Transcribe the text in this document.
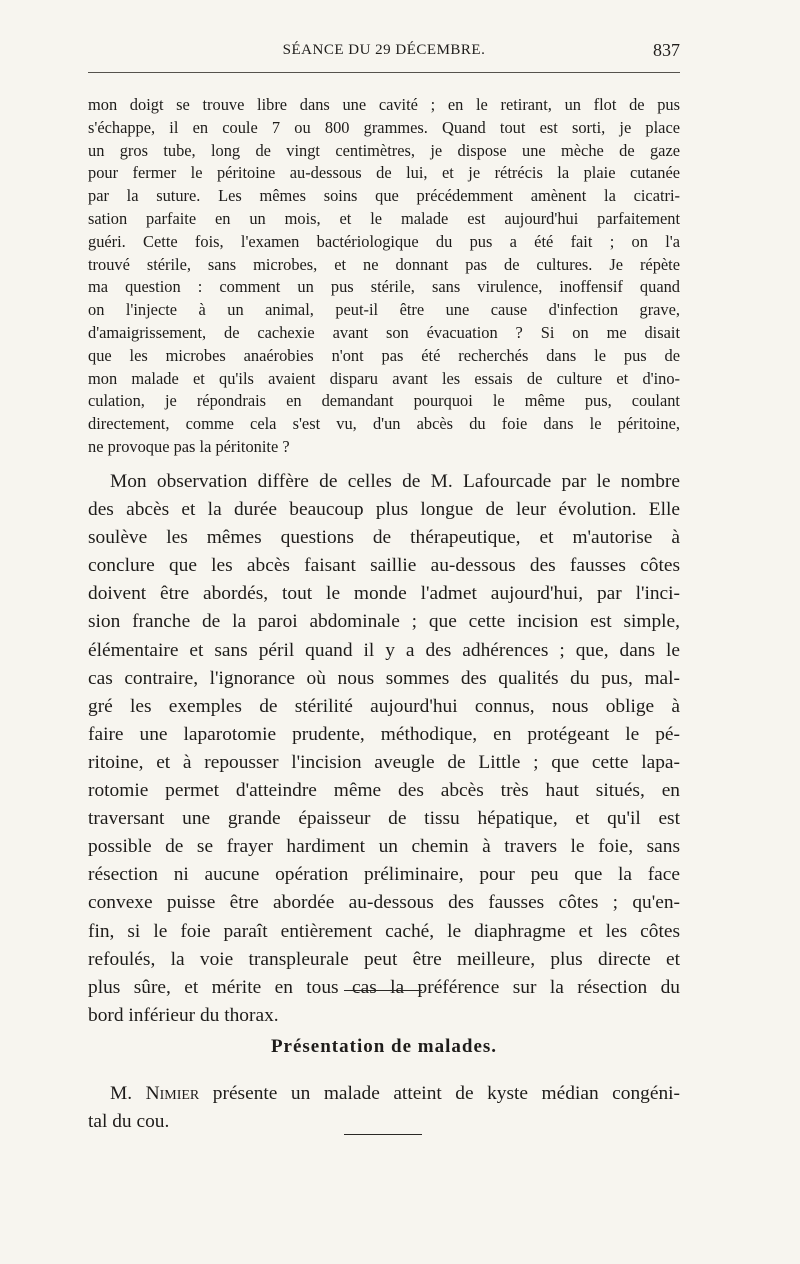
SÉANCE DU 29 DÉCEMBRE.	837
mon doigt se trouve libre dans une cavité ; en le retirant, un flot de pus
s'échappe, il en coule 7 ou 800 grammes. Quand tout est sorti, je place
un gros tube, long de vingt centimètres, je dispose une mèche de gaze
pour fermer le péritoine au-dessous de lui, et je rétrécis la plaie cutanée
par la suture. Les mêmes soins que précédemment amènent la cicatri-
sation parfaite en un mois, et le malade est aujourd'hui parfaitement
guéri. Cette fois, l'examen bactériologique du pus a été fait ; on l'a
trouvé stérile, sans microbes, et ne donnant pas de cultures. Je répète
ma question : comment un pus stérile, sans virulence, inoffensif quand
on l'injecte à un animal, peut-il être une cause d'infection grave,
d'amaigrissement, de cachexie avant son évacuation ? Si on me disait
que les microbes anaérobies n'ont pas été recherchés dans le pus de
mon malade et qu'ils avaient disparu avant les essais de culture et d'ino-
culation, je répondrais en demandant pourquoi le même pus, coulant
directement, comme cela s'est vu, d'un abcès du foie dans le péritoine,
ne provoque pas la péritonite ?
Mon observation diffère de celles de M. Lafourcade par le nombre
des abcès et la durée beaucoup plus longue de leur évolution. Elle
soulève les mêmes questions de thérapeutique, et m'autorise à
conclure que les abcès faisant saillie au-dessous des fausses côtes
doivent être abordés, tout le monde l'admet aujourd'hui, par l'inci-
sion franche de la paroi abdominale ; que cette incision est simple,
élémentaire et sans péril quand il y a des adhérences ; que, dans le
cas contraire, l'ignorance où nous sommes des qualités du pus, mal-
gré les exemples de stérilité aujourd'hui connus, nous oblige à
faire une laparotomie prudente, méthodique, en protégeant le pé-
ritoine, et à repousser l'incision aveugle de Little ; que cette lapa-
rotomie permet d'atteindre même des abcès très haut situés, en
traversant une grande épaisseur de tissu hépatique, et qu'il est
possible de se frayer hardiment un chemin à travers le foie, sans
résection ni aucune opération préliminaire, pour peu que la face
convexe puisse être abordée au-dessous des fausses côtes ; qu'en-
fin, si le foie paraît entièrement caché, le diaphragme et les côtes
refoulés, la voie transpleurale peut être meilleure, plus directe et
plus sûre, et mérite en tous cas la préférence sur la résection du
bord inférieur du thorax.
Présentation de malades.
M. Nimier présente un malade atteint de kyste médian congéni-
tal du cou.
